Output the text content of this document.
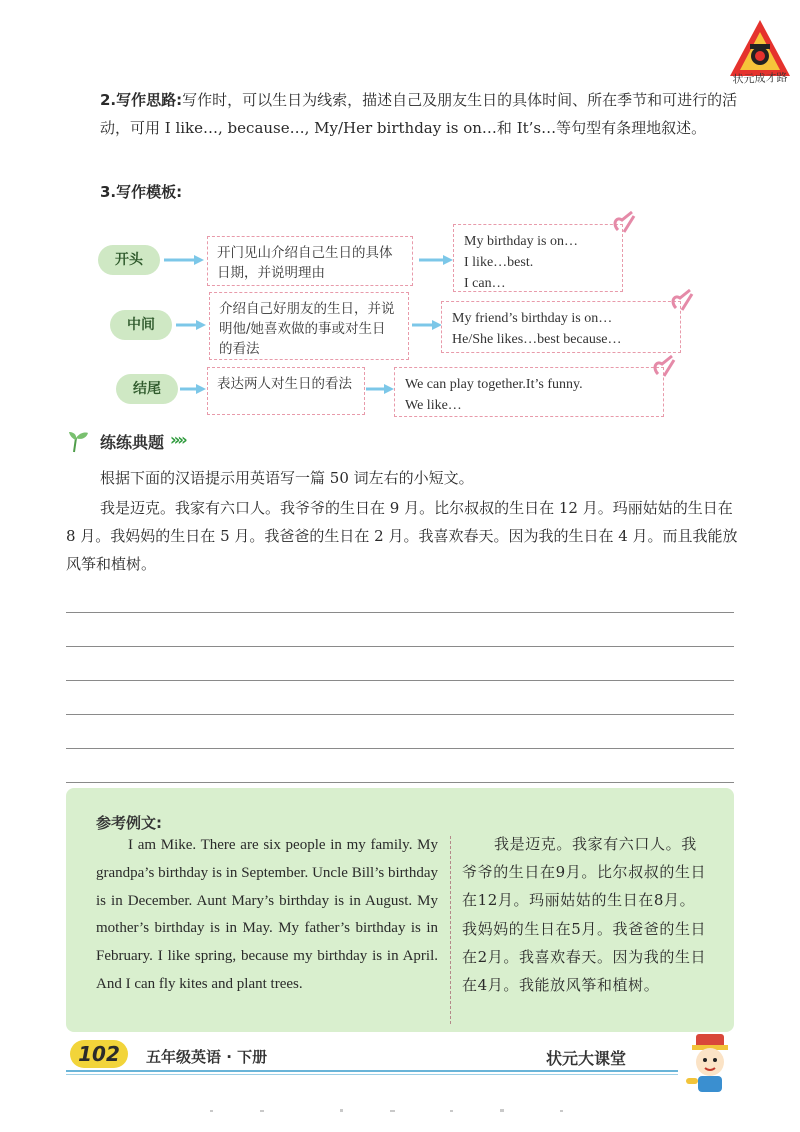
状元成才路
2.写作思路:写作时，可以生日为线索，描述自己及朋友生日的具体时间、所在季节和可进行的活动，可用 I like…, because…, My/Her birthday is on…和 It’s…等句型有条理地叙述。
3.写作模板:
开头	开门见山介绍自己生日的具体日期，并说明理由
My birthday is on…
I like…best.
I can…
中间
介绍自己好朋友的生日，并说明他/她喜欢做的事或对生日的看法
My friend’s birthday is on…
He/She likes…best because…
结尾	表达两人对生日的看法	We can play together.It’s funny.
We like…
练练典题 »»
根据下面的汉语提示用英语写一篇 50 词左右的小短文。
我是迈克。我家有六口人。我爷爷的生日在 9 月。比尔叔叔的生日在 12 月。玛丽姑姑的生日在 8 月。我妈妈的生日在 5 月。我爸爸的生日在 2 月。我喜欢春天。因为我的生日在 4 月。而且我能放风筝和植树。
参考例文:
I am Mike. There are six people in my family. My grandpa’s birthday is in September. Uncle Bill’s birthday is in December. Aunt Mary’s birthday is in August. My mother’s birthday is in May. My father’s birthday is in February. I like spring, because my birthday is in April. And I can fly kites and plant trees.
我是迈克。我家有六口人。我爷爷的生日在9月。比尔叔叔的生日在12月。玛丽姑姑的生日在8月。我妈妈的生日在5月。我爸爸的生日在2月。我喜欢春天。因为我的生日在4月。我能放风筝和植树。
102	五年级英语 · 下册	状元大课堂
